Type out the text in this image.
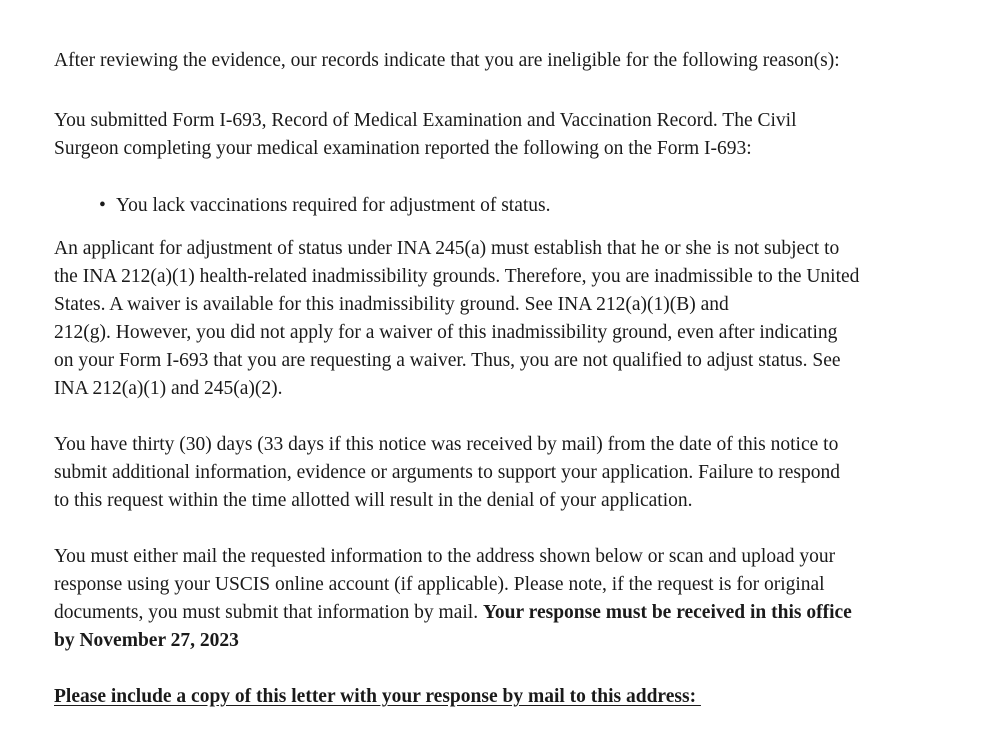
After reviewing the evidence, our records indicate that you are ineligible for the following reason(s):

You submitted Form I-693, Record of Medical Examination and Vaccination Record. The Civil
Surgeon completing your medical examination reported the following on the Form I-693:

• You lack vaccinations required for adjustment of status.

An applicant for adjustment of status under INA 245(a) must establish that he or she is not subject to
the INA 212(a)(1) health-related inadmissibility grounds. Therefore, you are inadmissible to the United
States. A waiver is available for this inadmissibility ground. See INA 212(a)(1)(B) and
212(g). However, you did not apply for a waiver of this inadmissibility ground, even after indicating
on your Form I-693 that you are requesting a waiver. Thus, you are not qualified to adjust status. See
INA 212(a)(1) and 245(a)(2).

You have thirty (30) days (33 days if this notice was received by mail) from the date of this notice to
submit additional information, evidence or arguments to support your application. Failure to respond
to this request within the time allotted will result in the denial of your application.

You must either mail the requested information to the address shown below or scan and upload your
response using your USCIS online account (if applicable). Please note, if the request is for original
documents, you must submit that information by mail. Your response must be received in this office
by November 27, 2023

Please include a copy of this letter with your response by mail to this address:
